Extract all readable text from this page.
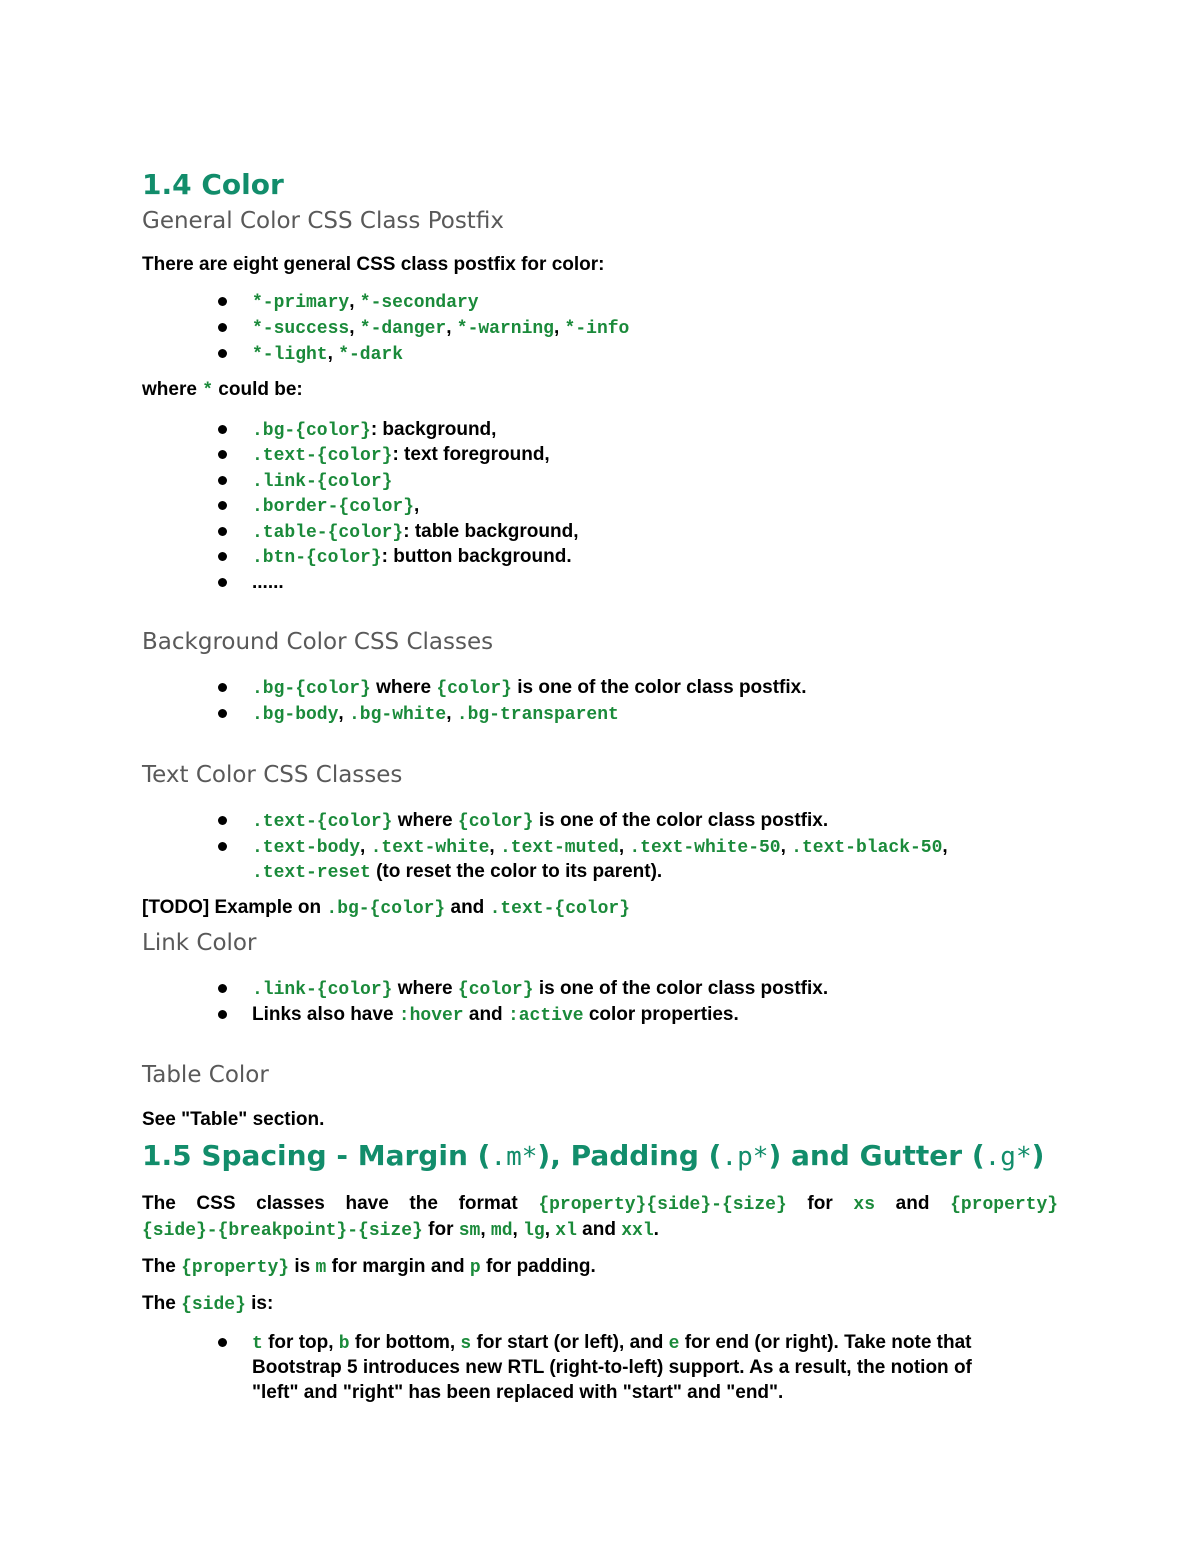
1.4 Color
General Color CSS Class Postfix
There are eight general CSS class postfix for color:
*-primary, *-secondary
*-success, *-danger, *-warning, *-info
*-light, *-dark
where * could be:
.bg-{color}: background,
.text-{color}: text foreground,
.link-{color}
.border-{color},
.table-{color}: table background,
.btn-{color}: button background.
......
Background Color CSS Classes
.bg-{color} where {color} is one of the color class postfix.
.bg-body, .bg-white, .bg-transparent
Text Color CSS Classes
.text-{color} where {color} is one of the color class postfix.
.text-body, .text-white, .text-muted, .text-white-50, .text-black-50,
.text-reset (to reset the color to its parent).
[TODO] Example on .bg-{color} and .text-{color}
Link Color
.link-{color} where {color} is one of the color class postfix.
Links also have :hover and :active color properties.
Table Color
See "Table" section.
1.5 Spacing - Margin (.m*), Padding (.p*) and Gutter (.g*)
The CSS classes have the format {property}{side}-{size} for xs and {property}
{side}-{breakpoint}-{size} for sm, md, lg, xl and xxl.
The {property} is m for margin and p for padding.
The {side} is:
t for top, b for bottom, s for start (or left), and e for end (or right). Take note that
Bootstrap 5 introduces new RTL (right-to-left) support. As a result, the notion of
"left" and "right" has been replaced with "start" and "end".
